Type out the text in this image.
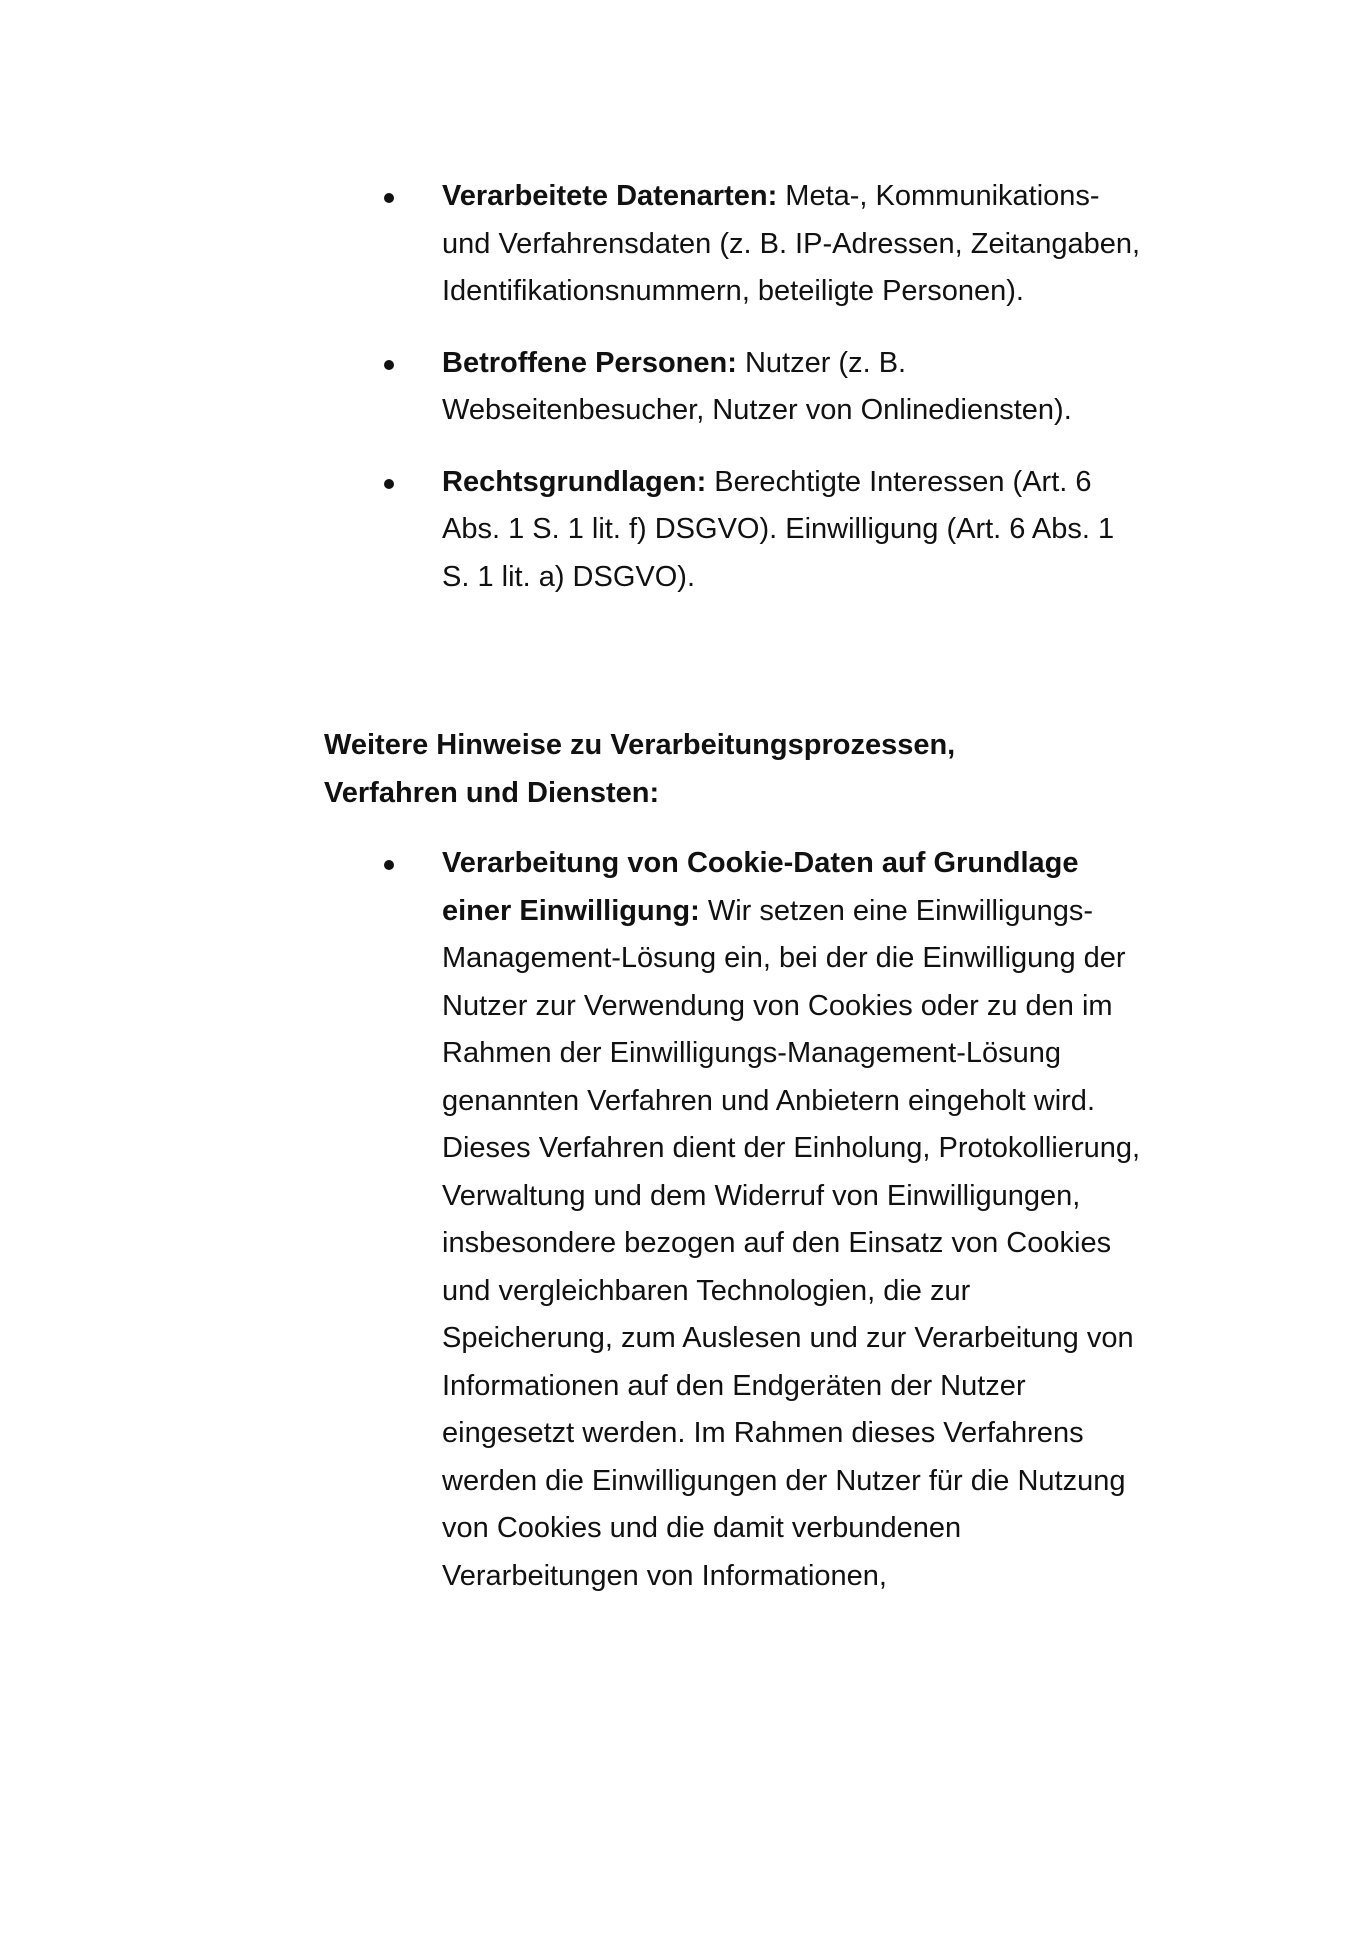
Verarbeitete Datenarten: Meta-, Kommunikations- und Verfahrensdaten (z. B. IP-Adressen, Zeitangaben, Identifikationsnummern, beteiligte Personen).
Betroffene Personen: Nutzer (z. B. Webseitenbesucher, Nutzer von Onlinediensten).
Rechtsgrundlagen: Berechtigte Interessen (Art. 6 Abs. 1 S. 1 lit. f) DSGVO). Einwilligung (Art. 6 Abs. 1 S. 1 lit. a) DSGVO).

Weitere Hinweise zu Verarbeitungsprozessen, Verfahren und Diensten:

Verarbeitung von Cookie-Daten auf Grundlage einer Einwilligung: Wir setzen eine Einwilligungs-Management-Lösung ein, bei der die Einwilligung der Nutzer zur Verwendung von Cookies oder zu den im Rahmen der Einwilligungs-Management-Lösung genannten Verfahren und Anbietern eingeholt wird. Dieses Verfahren dient der Einholung, Protokollierung, Verwaltung und dem Widerruf von Einwilligungen, insbesondere bezogen auf den Einsatz von Cookies und vergleichbaren Technologien, die zur Speicherung, zum Auslesen und zur Verarbeitung von Informationen auf den Endgeräten der Nutzer eingesetzt werden. Im Rahmen dieses Verfahrens werden die Einwilligungen der Nutzer für die Nutzung von Cookies und die damit verbundenen Verarbeitungen von Informationen,
